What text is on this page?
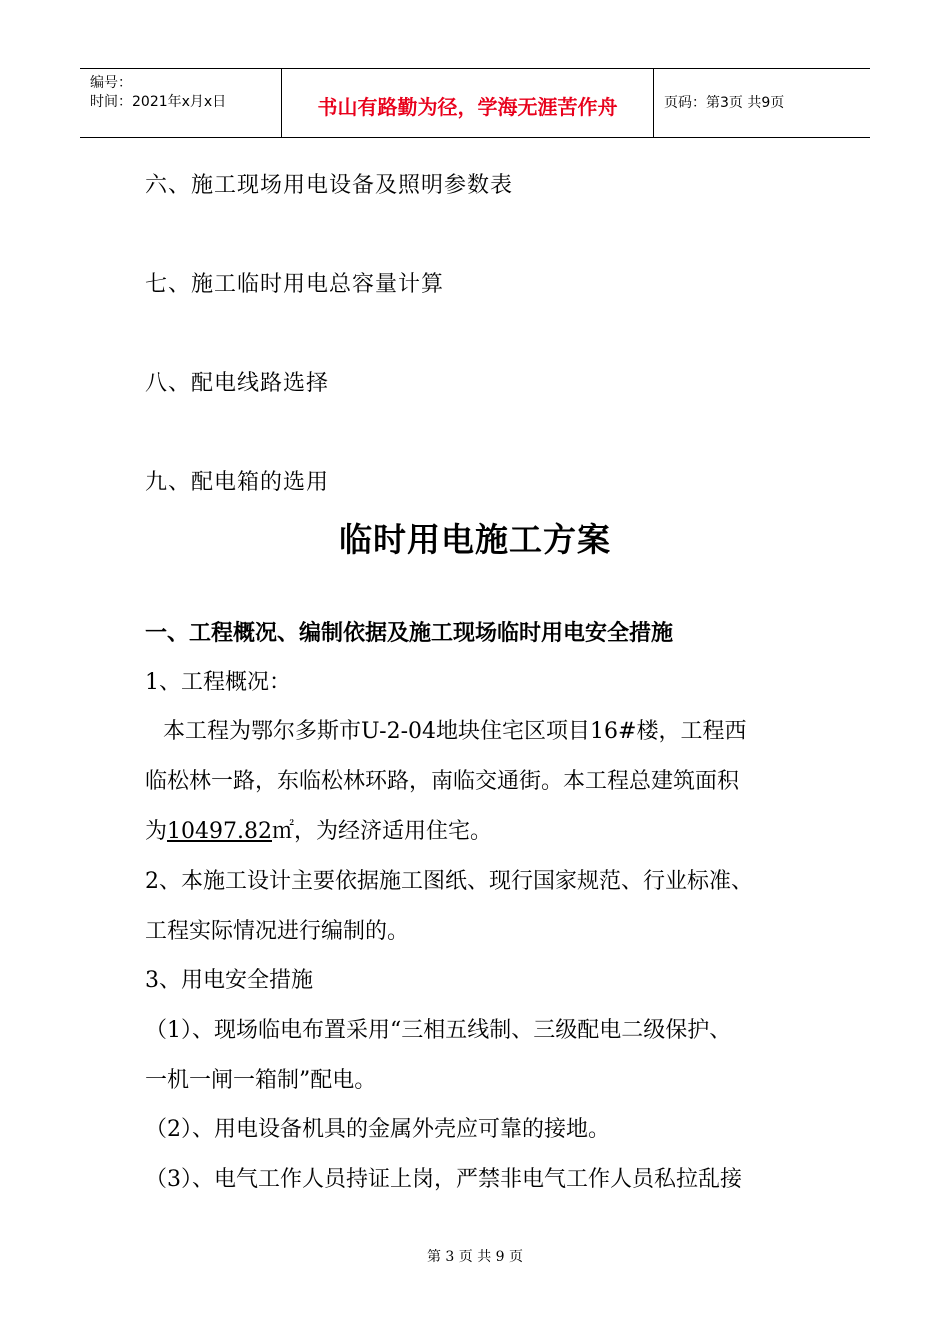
编号：
时间：2021年x月x日	书山有路勤为径，学海无涯苦作舟	页码：第3页 共9页
六、施工现场用电设备及照明参数表
七、施工临时用电总容量计算
八、配电线路选择
九、配电箱的选用
临时用电施工方案
一、工程概况、编制依据及施工现场临时用电安全措施
1、工程概况：
本工程为鄂尔多斯市U-2-04地块住宅区项目16#楼，工程西
临松林一路，东临松林环路，南临交通街。本工程总建筑面积
为10497.82㎡，为经济适用住宅。
2、本施工设计主要依据施工图纸、现行国家规范、行业标准、
工程实际情况进行编制的。
3、用电安全措施
（1）、现场临电布置采用“三相五线制、三级配电二级保护、
一机一闸一箱制”配电。
（2）、用电设备机具的金属外壳应可靠的接地。
（3）、电气工作人员持证上岗，严禁非电气工作人员私拉乱接
第 3 页 共 9 页
